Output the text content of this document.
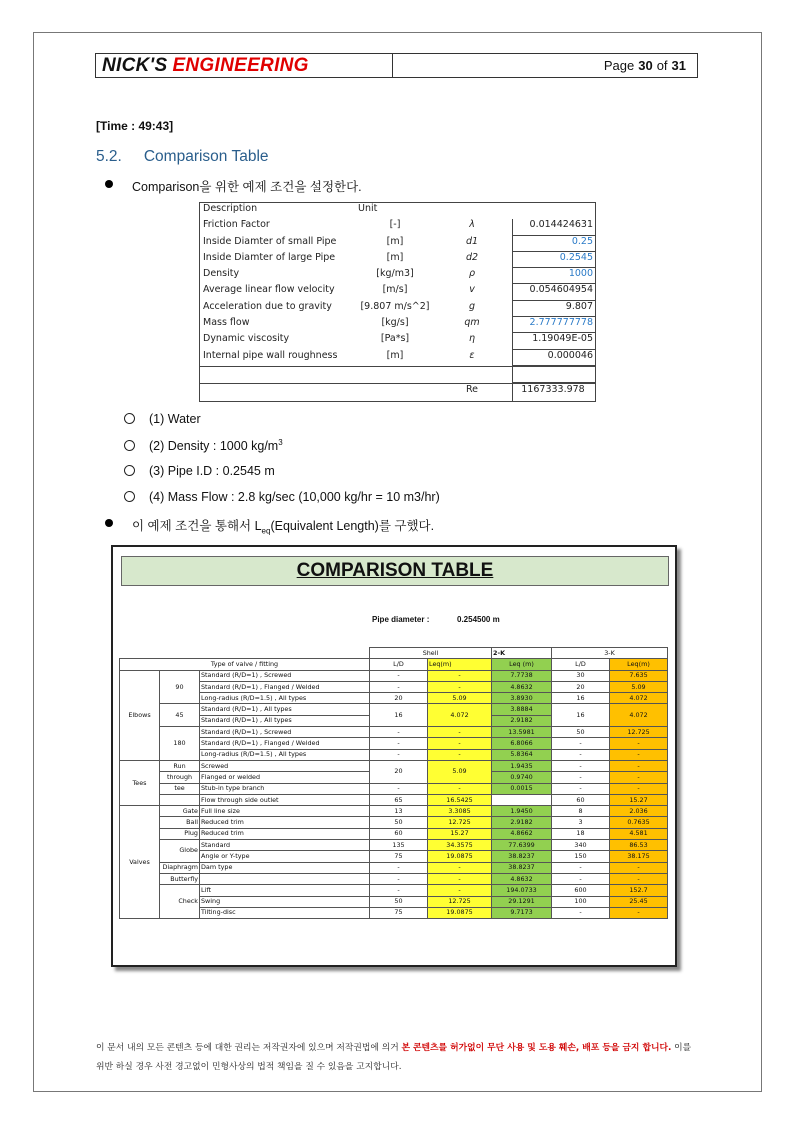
NICK'S ENGINEERING	Page 30 of 31
[Time : 49:43]
5.2. Comparison Table
Comparison을 위한 예제 조건을 설정한다.
Description	Unit
Friction Factor	[-]	λ	0.014424631
Inside Diamter of small Pipe	[m]	d1	0.25
Inside Diamter of large Pipe	[m]	d2	0.2545
Density	[kg/m3]	ρ	1000
Average linear flow velocity	[m/s]	v	0.054604954
Acceleration due to gravity	[9.807 m/s^2]	g	9.807
Mass flow	[kg/s]	qm	2.777777778
Dynamic viscosity	[Pa*s]	η	1.19049E-05
Internal pipe wall roughness	[m]	ε	0.000046
Re	1167333.978
(1) Water
(2) Density : 1000 $kg/m^3$
(3) Pipe I.D : 0.2545 m
(4) Mass Flow : 2.8 kg/sec (10,000 kg/hr = 10 m3/hr)
이 예제 조건을 통해서 $L_{eq}(Equivalent$ Length)를 구했다.
COMPARISON TABLE
Pipe diameter :	0.254500 m
			Shell		2-K	3-K	
Type of valve / fitting			L/D	Leq(m)	Leq (m)	L/D	Leq(m)
Elbows	90	Standard (R/D=1) , Screwed	-	-	7.7738	30	7.635
		Standard (R/D=1) , Flanged / Welded	-	-	4.8632	20	5.09
		Long-radius (R/D=1.5) , All types	20	5.09	3.8930	16	4.072
	45	Standard (R/D=1) , All types	16	4.072	3.8884	16	4.072
		Standard (R/D=1) , All types			2.9182		
	180	Standard (R/D=1) , Screwed	-	-	13.5981	50	12.725
		Standard (R/D=1) , Flanged / Welded	-	-	6.8066	-	-
		Long-radius (R/D=1.5) , All types	-	-	5.8364	-	-
Tees	Run	Screwed	20	5.09	1.9435	-	-
	through	Flanged or welded			0.9740	-	-
	tee	Stub-in type branch	-	-	0.0015	-	-
		Flow through side outlet	65	16.5425		60	15.27
Valves	Gate	Full line size	13	3.3085	1.9450	8	2.036
	Ball	Reduced trim	50	12.725	2.9182	3	0.7635
	Plug	Reduced trim	60	15.27	4.8662	18	4.581
	Globe	Standard	135	34.3575	77.6399	340	86.53
		Angle or Y-type	75	19.0875	38.8237	150	38.175
	Diaphragm	Dam type	-	-	38.8237	-	-
	Butterfly		-	-	4.8632	-	-
	Check	Lift	-	-	194.0733	600	152.7
		Swing	50	12.725	29.1291	100	25.45
		Tilting-disc	75	19.0875	9.7173	-	-
이 문서 내의 모든 콘텐츠 등에 대한 권리는 저작권자에 있으며 저작권법에 의거 본 콘텐츠를 허가없이 무단 사용 및 도용 훼손, 배포 등을 금지 합니다. 이를 위반 하실 경우 사전 경고없이 민형사상의 법적 책임을 질 수 있음을 고지합니다.
